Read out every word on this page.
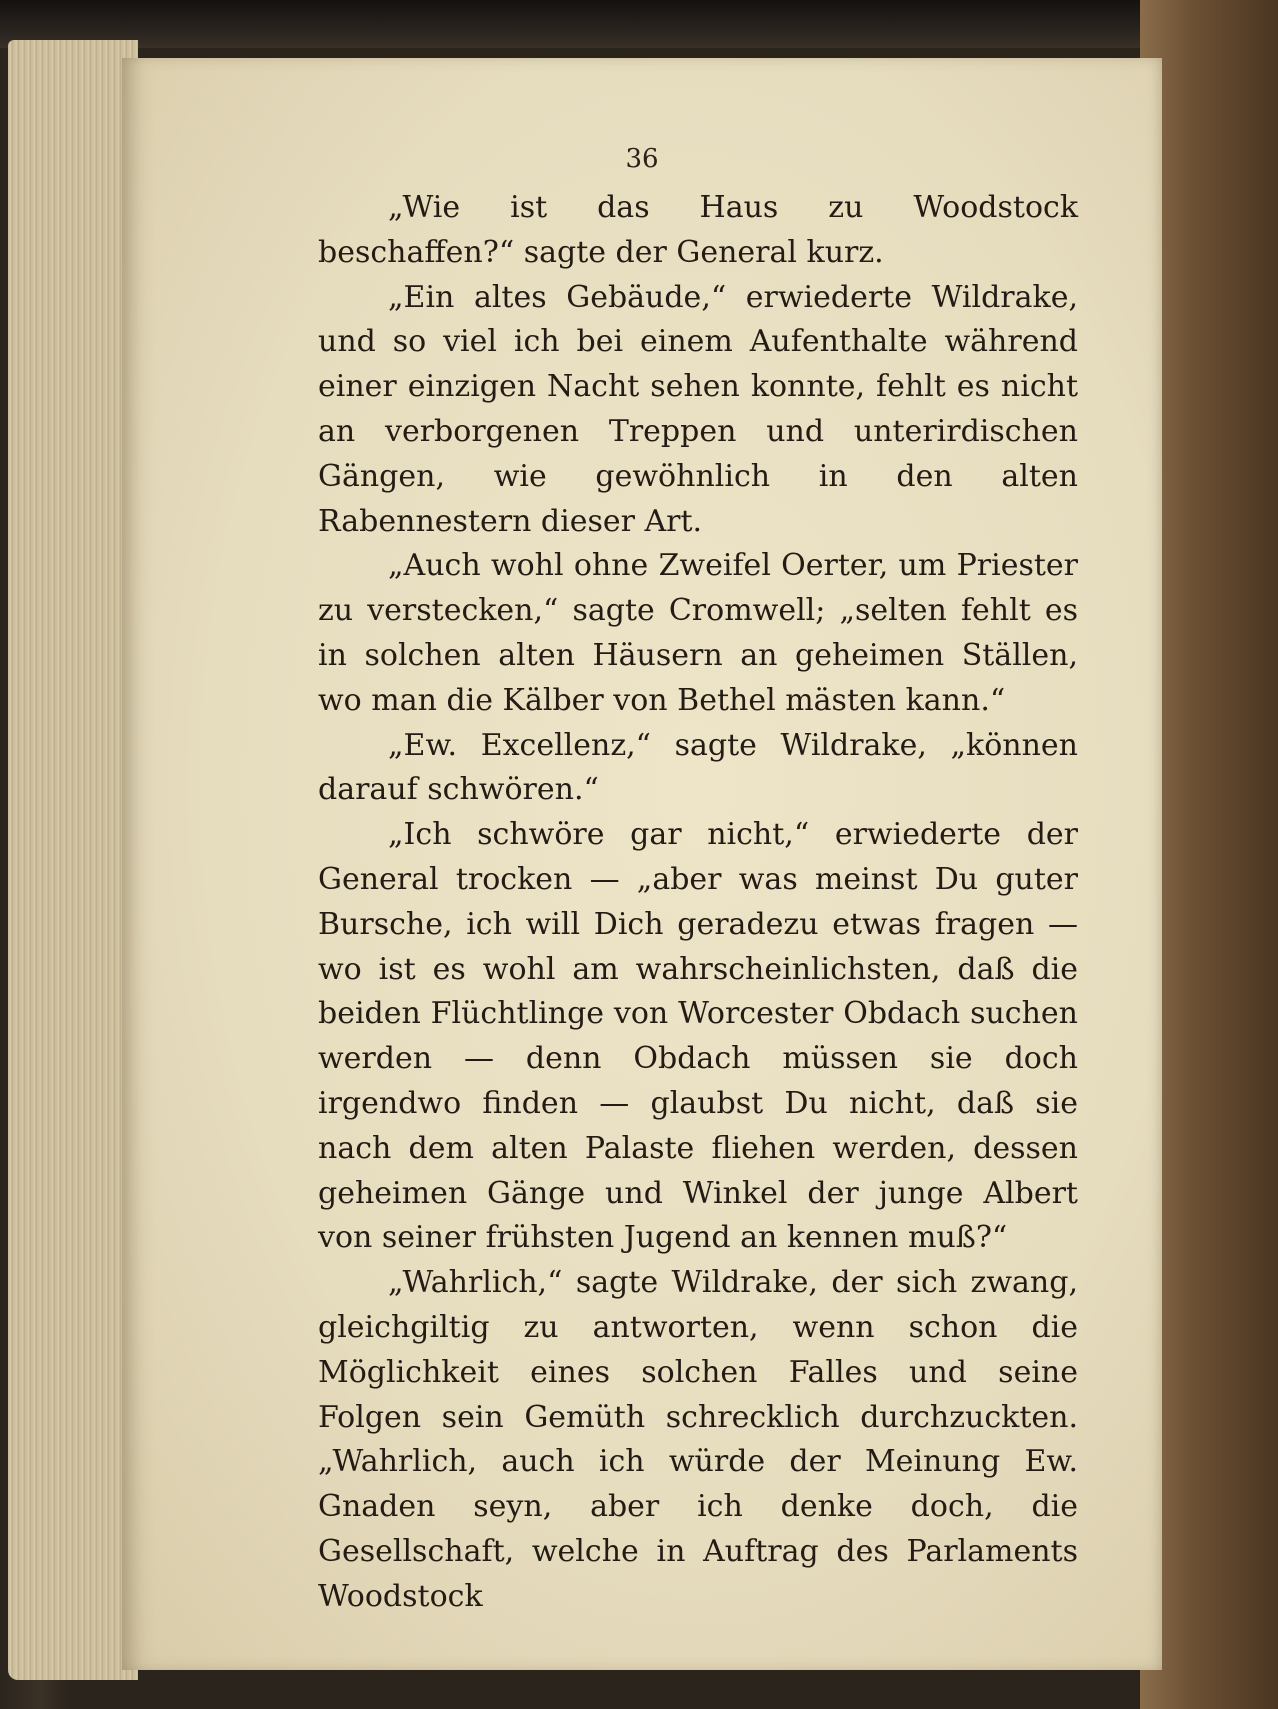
36

„Wie ist das Haus zu Woodstock beschaffen?“ sagte der General kurz.

„Ein altes Gebäude,“ erwiederte Wildrake, und so viel ich bei einem Aufenthalte während einer einzigen Nacht sehen konnte, fehlt es nicht an verborgenen Treppen und unterirdischen Gängen, wie gewöhnlich in den alten Rabennestern dieser Art.

„Auch wohl ohne Zweifel Oerter, um Priester zu verstecken,“ sagte Cromwell; „selten fehlt es in solchen alten Häusern an geheimen Ställen, wo man die Kälber von Bethel mästen kann.“

„Ew. Excellenz,“ sagte Wildrake, „können darauf schwören.“

„Ich schwöre gar nicht,“ erwiederte der General trocken — „aber was meinst Du guter Bursche, ich will Dich geradezu etwas fragen — wo ist es wohl am wahrscheinlichsten, daß die beiden Flüchtlinge von Worcester Obdach suchen werden — denn Obdach müssen sie doch irgendwo finden — glaubst Du nicht, daß sie nach dem alten Palaste fliehen werden, dessen geheimen Gänge und Winkel der junge Albert von seiner frühsten Jugend an kennen muß?“

„Wahrlich,“ sagte Wildrake, der sich zwang, gleichgiltig zu antworten, wenn schon die Möglichkeit eines solchen Falles und seine Folgen sein Gemüth schrecklich durchzuckten. „Wahrlich, auch ich würde der Meinung Ew. Gnaden seyn, aber ich denke doch, die Gesellschaft, welche in Auftrag des Parlaments Woodstock
